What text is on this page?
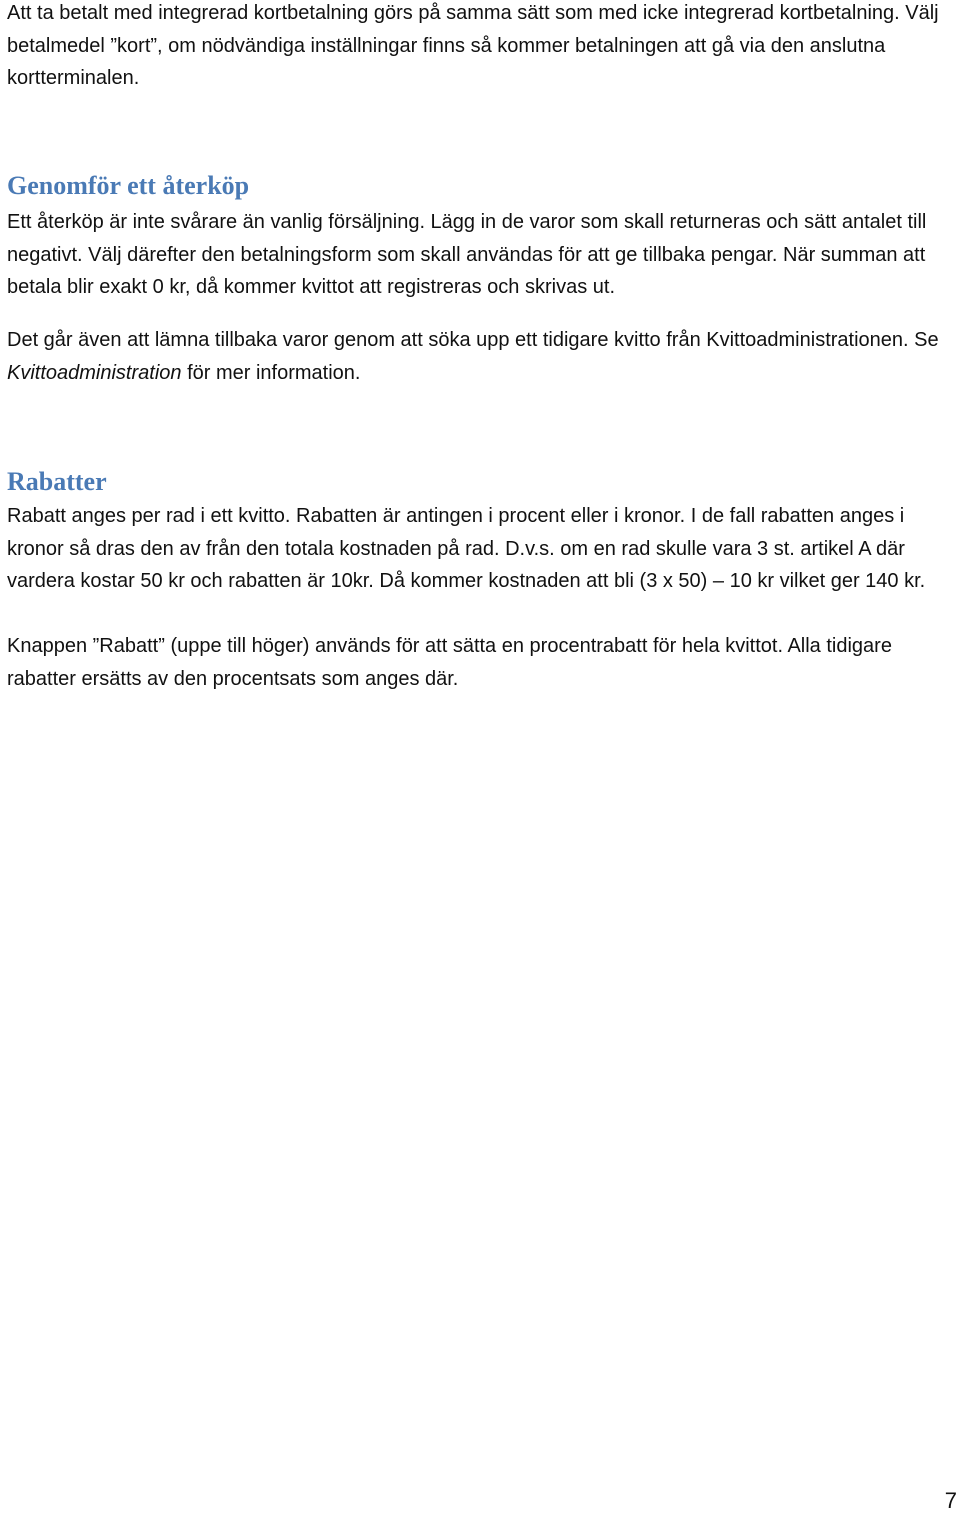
Att ta betalt med integrerad kortbetalning görs på samma sätt som med icke integrerad kortbetalning. Välj betalmedel ”kort”, om nödvändiga inställningar finns så kommer betalningen att gå via den anslutna kortterminalen.

Genomför ett återköp

Ett återköp är inte svårare än vanlig försäljning. Lägg in de varor som skall returneras och sätt antalet till negativt. Välj därefter den betalningsform som skall användas för att ge tillbaka pengar. När summan att betala blir exakt 0 kr, då kommer kvittot att registreras och skrivas ut.

Det går även att lämna tillbaka varor genom att söka upp ett tidigare kvitto från Kvittoadministrationen. Se Kvittoadministration för mer information.

Rabatter

Rabatt anges per rad i ett kvitto. Rabatten är antingen i procent eller i kronor. I de fall rabatten anges i kronor så dras den av från den totala kostnaden på rad. D.v.s. om en rad skulle vara 3 st. artikel A där vardera kostar 50 kr och rabatten är 10kr. Då kommer kostnaden att bli (3 x 50) – 10 kr vilket ger 140 kr.

Knappen ”Rabatt” (uppe till höger) används för att sätta en procentrabatt för hela kvittot. Alla tidigare rabatter ersätts av den procentsats som anges där.

7
